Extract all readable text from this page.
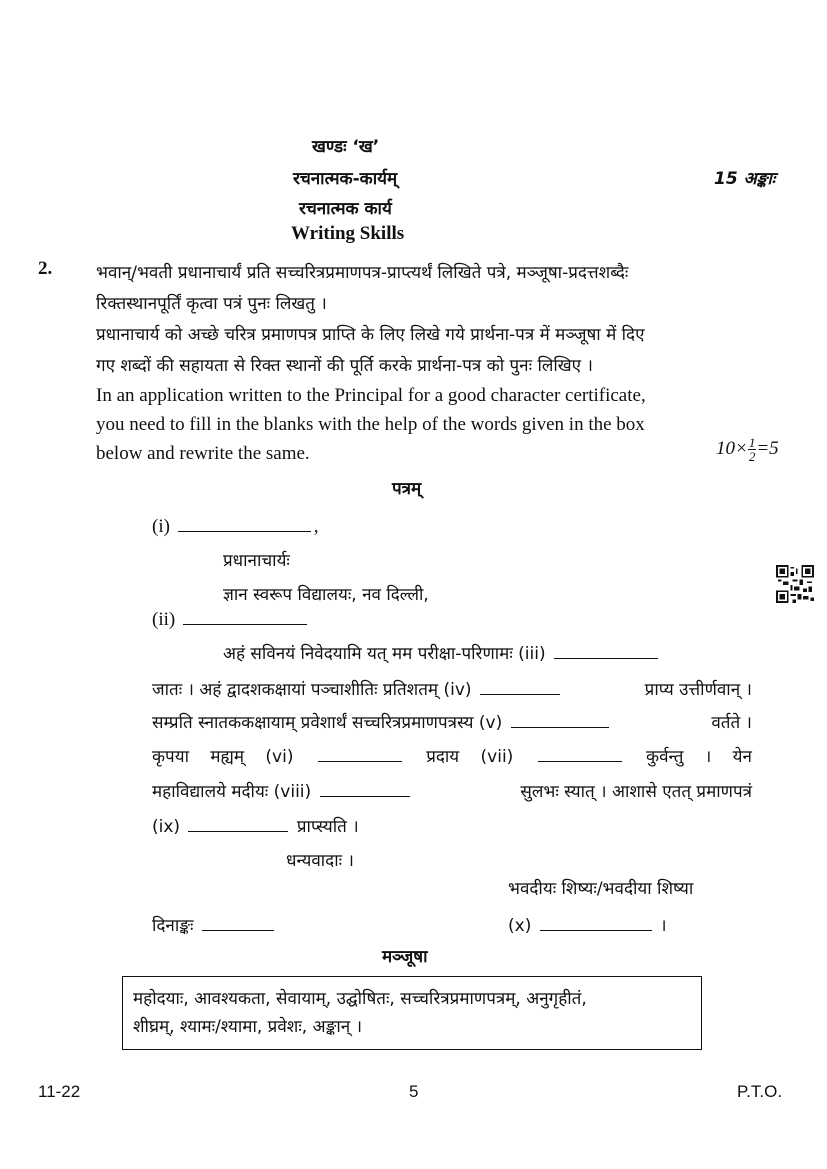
खण्डः ‘ख’
रचनात्मक-कार्यम्
रचनात्मक कार्य
Writing Skills
15 अङ्काः
2.	भवान्/भवती प्रधानाचार्यं प्रति सच्चरित्रप्रमाणपत्र-प्राप्त्यर्थं लिखिते पत्रे, मञ्जूषा-प्रदत्तशब्दैः
रिक्तस्थानपूर्तिं कृत्वा पत्रं पुनः लिखतु ।
प्रधानाचार्य को अच्छे चरित्र प्रमाणपत्र प्राप्ति के लिए लिखे गये प्रार्थना-पत्र में मञ्जूषा में दिए
गए शब्दों की सहायता से रिक्त स्थानों की पूर्ति करके प्रार्थना-पत्र को पुनः लिखिए ।
In an application written to the Principal for a good character certificate,
you need to fill in the blanks with the help of the words given in the box
below and rewrite the same.	$10\times \frac{1}{2} =5$
पत्रम्
(i)	,
प्रधानाचार्यः
ज्ञान स्वरूप विद्यालयः, नव दिल्ली,
(ii)
अहं सविनयं निवेदयामि यत् मम परीक्षा-परिणामः (iii)
जातः । अहं द्वादशकक्षायां पञ्चाशीतिः प्रतिशतम् (iv)	प्राप्य उत्तीर्णवान् ।
सम्प्रति स्नातककक्षायाम् प्रवेशार्थं सच्चरित्रप्रमाणपत्रस्य (v)	वर्तते ।
कृपया मह्यम् (vi)	प्रदाय (vii)	कुर्वन्तु । येन
महाविद्यालये मदीयः (viii)	सुलभः स्यात् । आशासे एतत् प्रमाणपत्रं
(ix)	प्राप्स्यति ।
धन्यवादाः ।
भवदीयः शिष्यः/भवदीया शिष्या
दिनाङ्कः	(x)	।
मञ्जूषा
महोदयाः, आवश्यकता, सेवायाम्, उद्घोषितः, सच्चरित्रप्रमाणपत्रम्, अनुगृहीतं,
शीघ्रम्, श्यामः/श्यामा, प्रवेशः, अङ्कान् ।
11-22	5	P.T.O.
